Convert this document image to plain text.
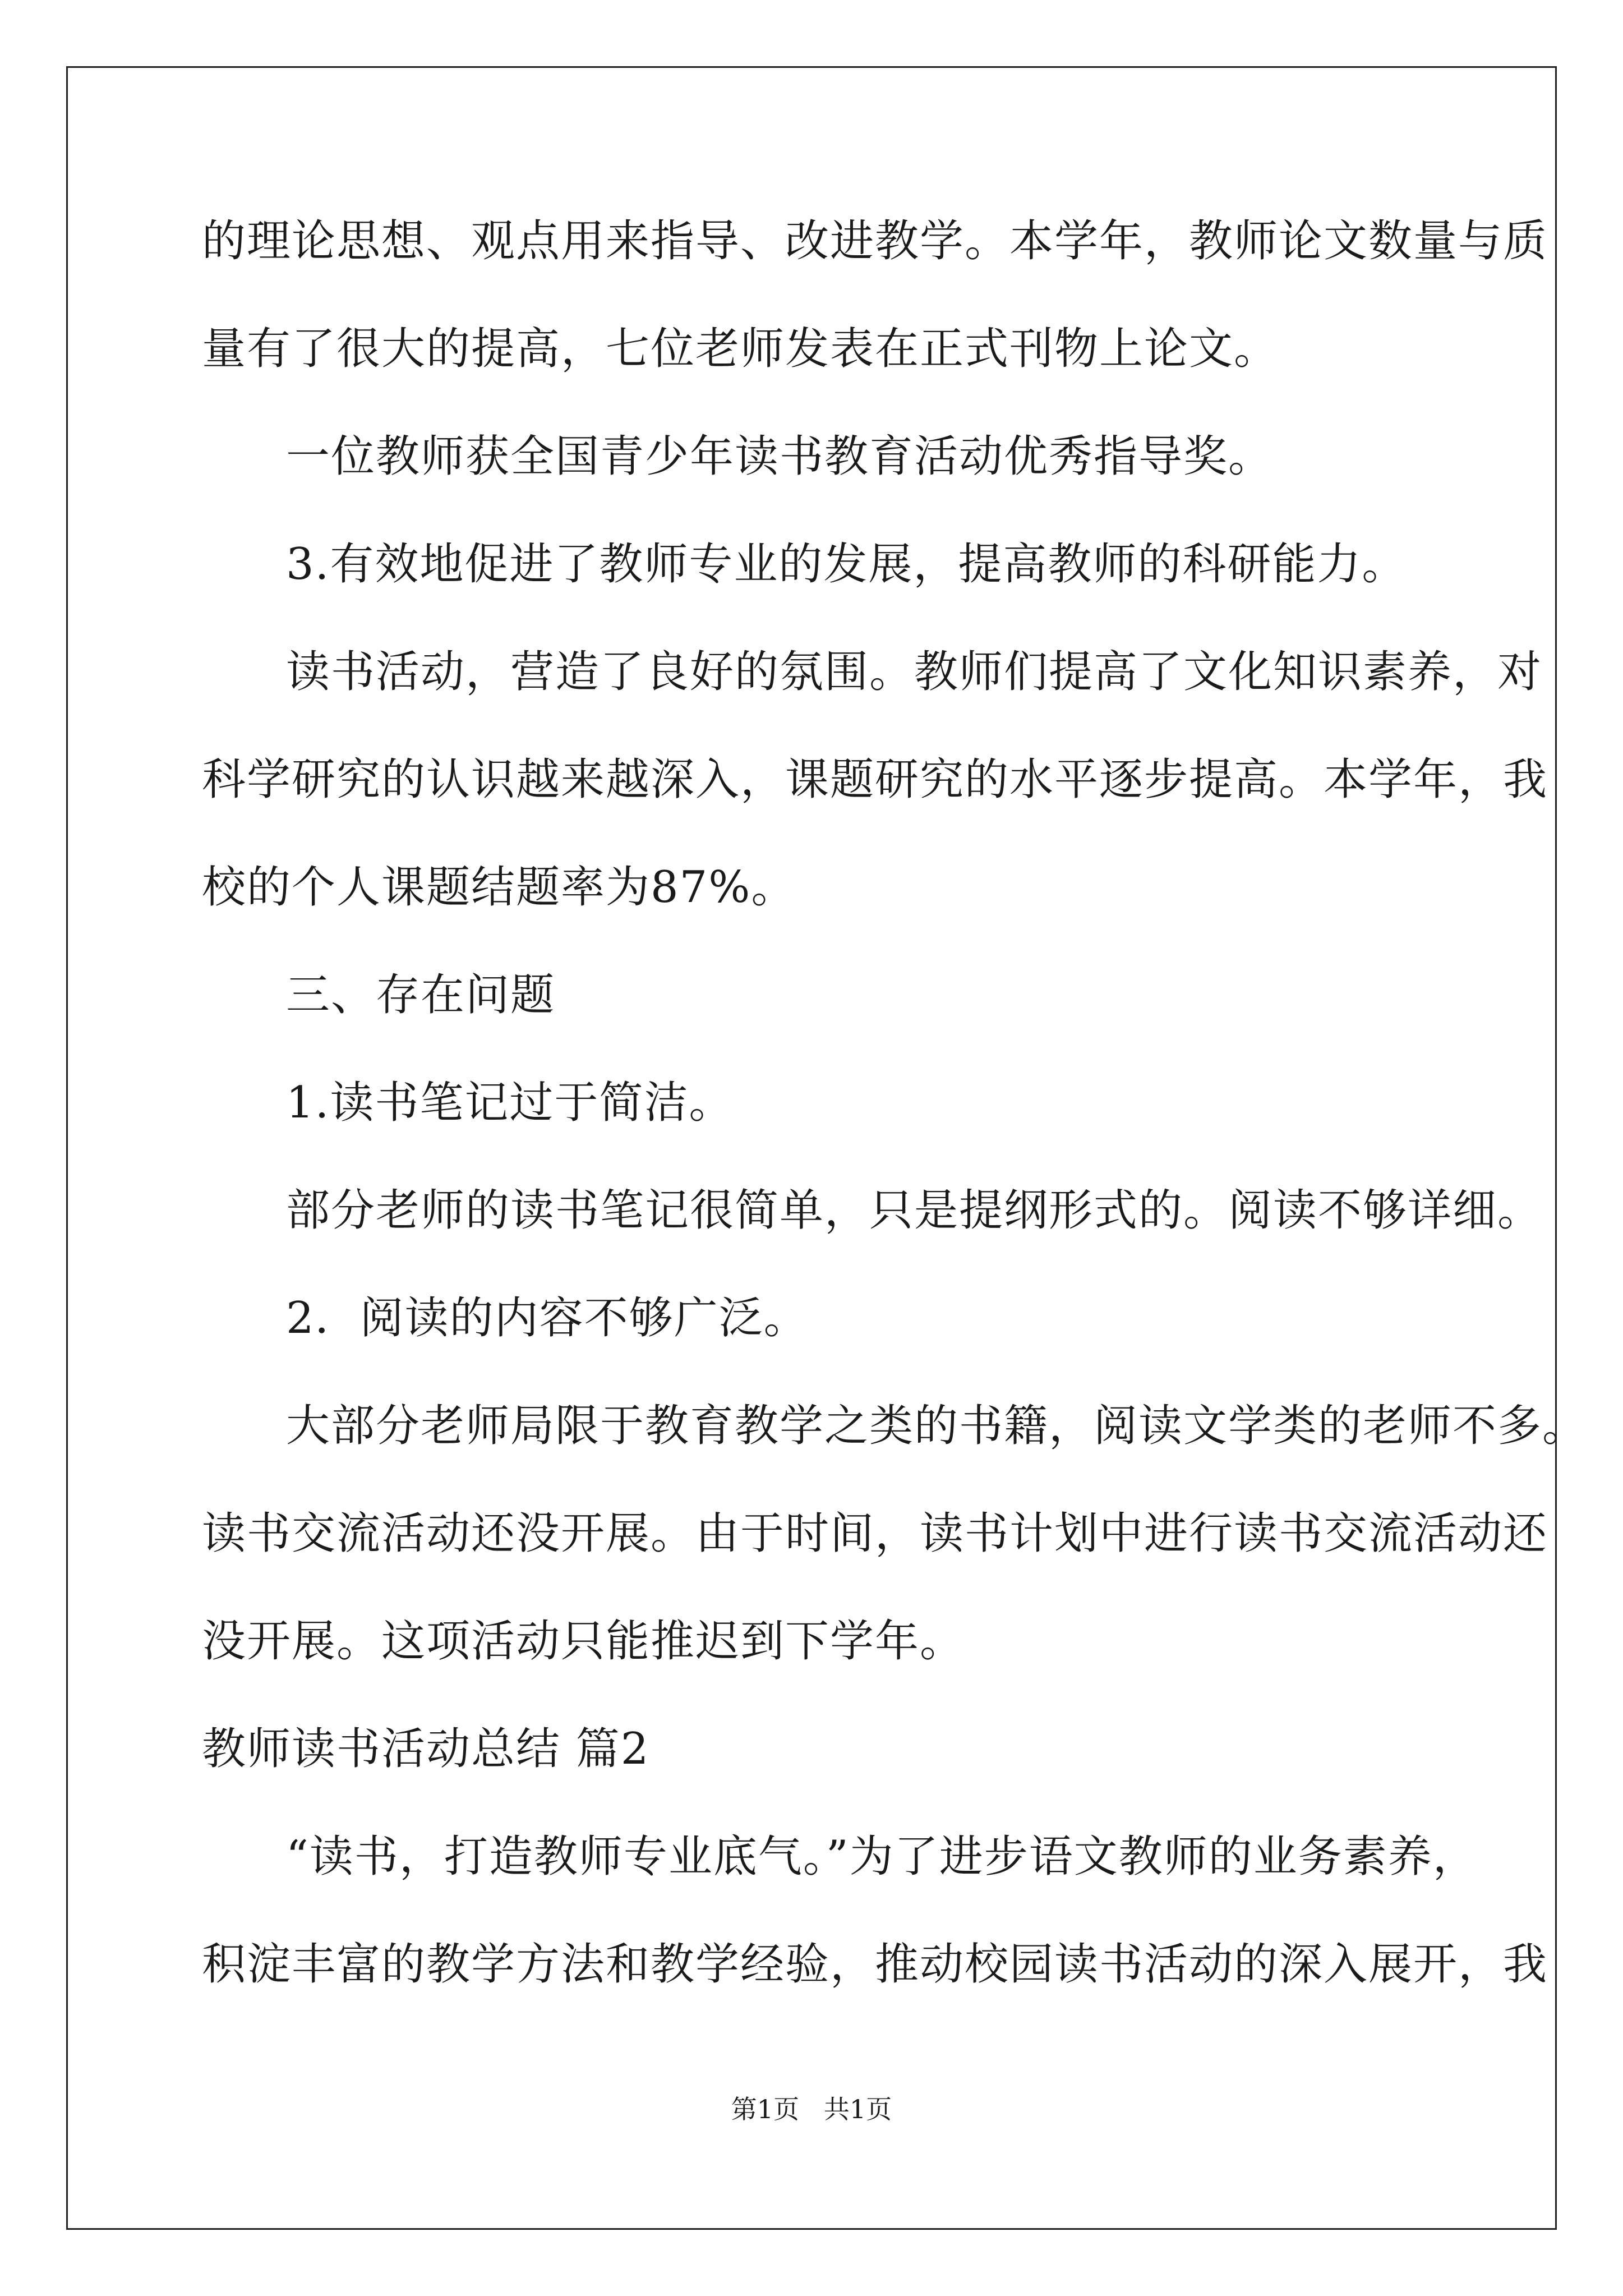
的理论思想、观点用来指导、改进教学。本学年，教师论文数量与质
量有了很大的提高，七位老师发表在正式刊物上论文。
一位教师获全国青少年读书教育活动优秀指导奖。
3.有效地促进了教师专业的发展，提高教师的科研能力。
读书活动，营造了良好的氛围。教师们提高了文化知识素养，对
科学研究的认识越来越深入，课题研究的水平逐步提高。本学年，我
校的个人课题结题率为87%。
三、存在问题
1.读书笔记过于简洁。
部分老师的读书笔记很简单，只是提纲形式的。阅读不够详细。
2．阅读的内容不够广泛。
大部分老师局限于教育教学之类的书籍，阅读文学类的老师不多。
读书交流活动还没开展。由于时间，读书计划中进行读书交流活动还
没开展。这项活动只能推迟到下学年。
教师读书活动总结 篇2
“读书，打造教师专业底气。”为了进步语文教师的业务素养，
积淀丰富的教学方法和教学经验，推动校园读书活动的深入展开，我
第1页   共1页
